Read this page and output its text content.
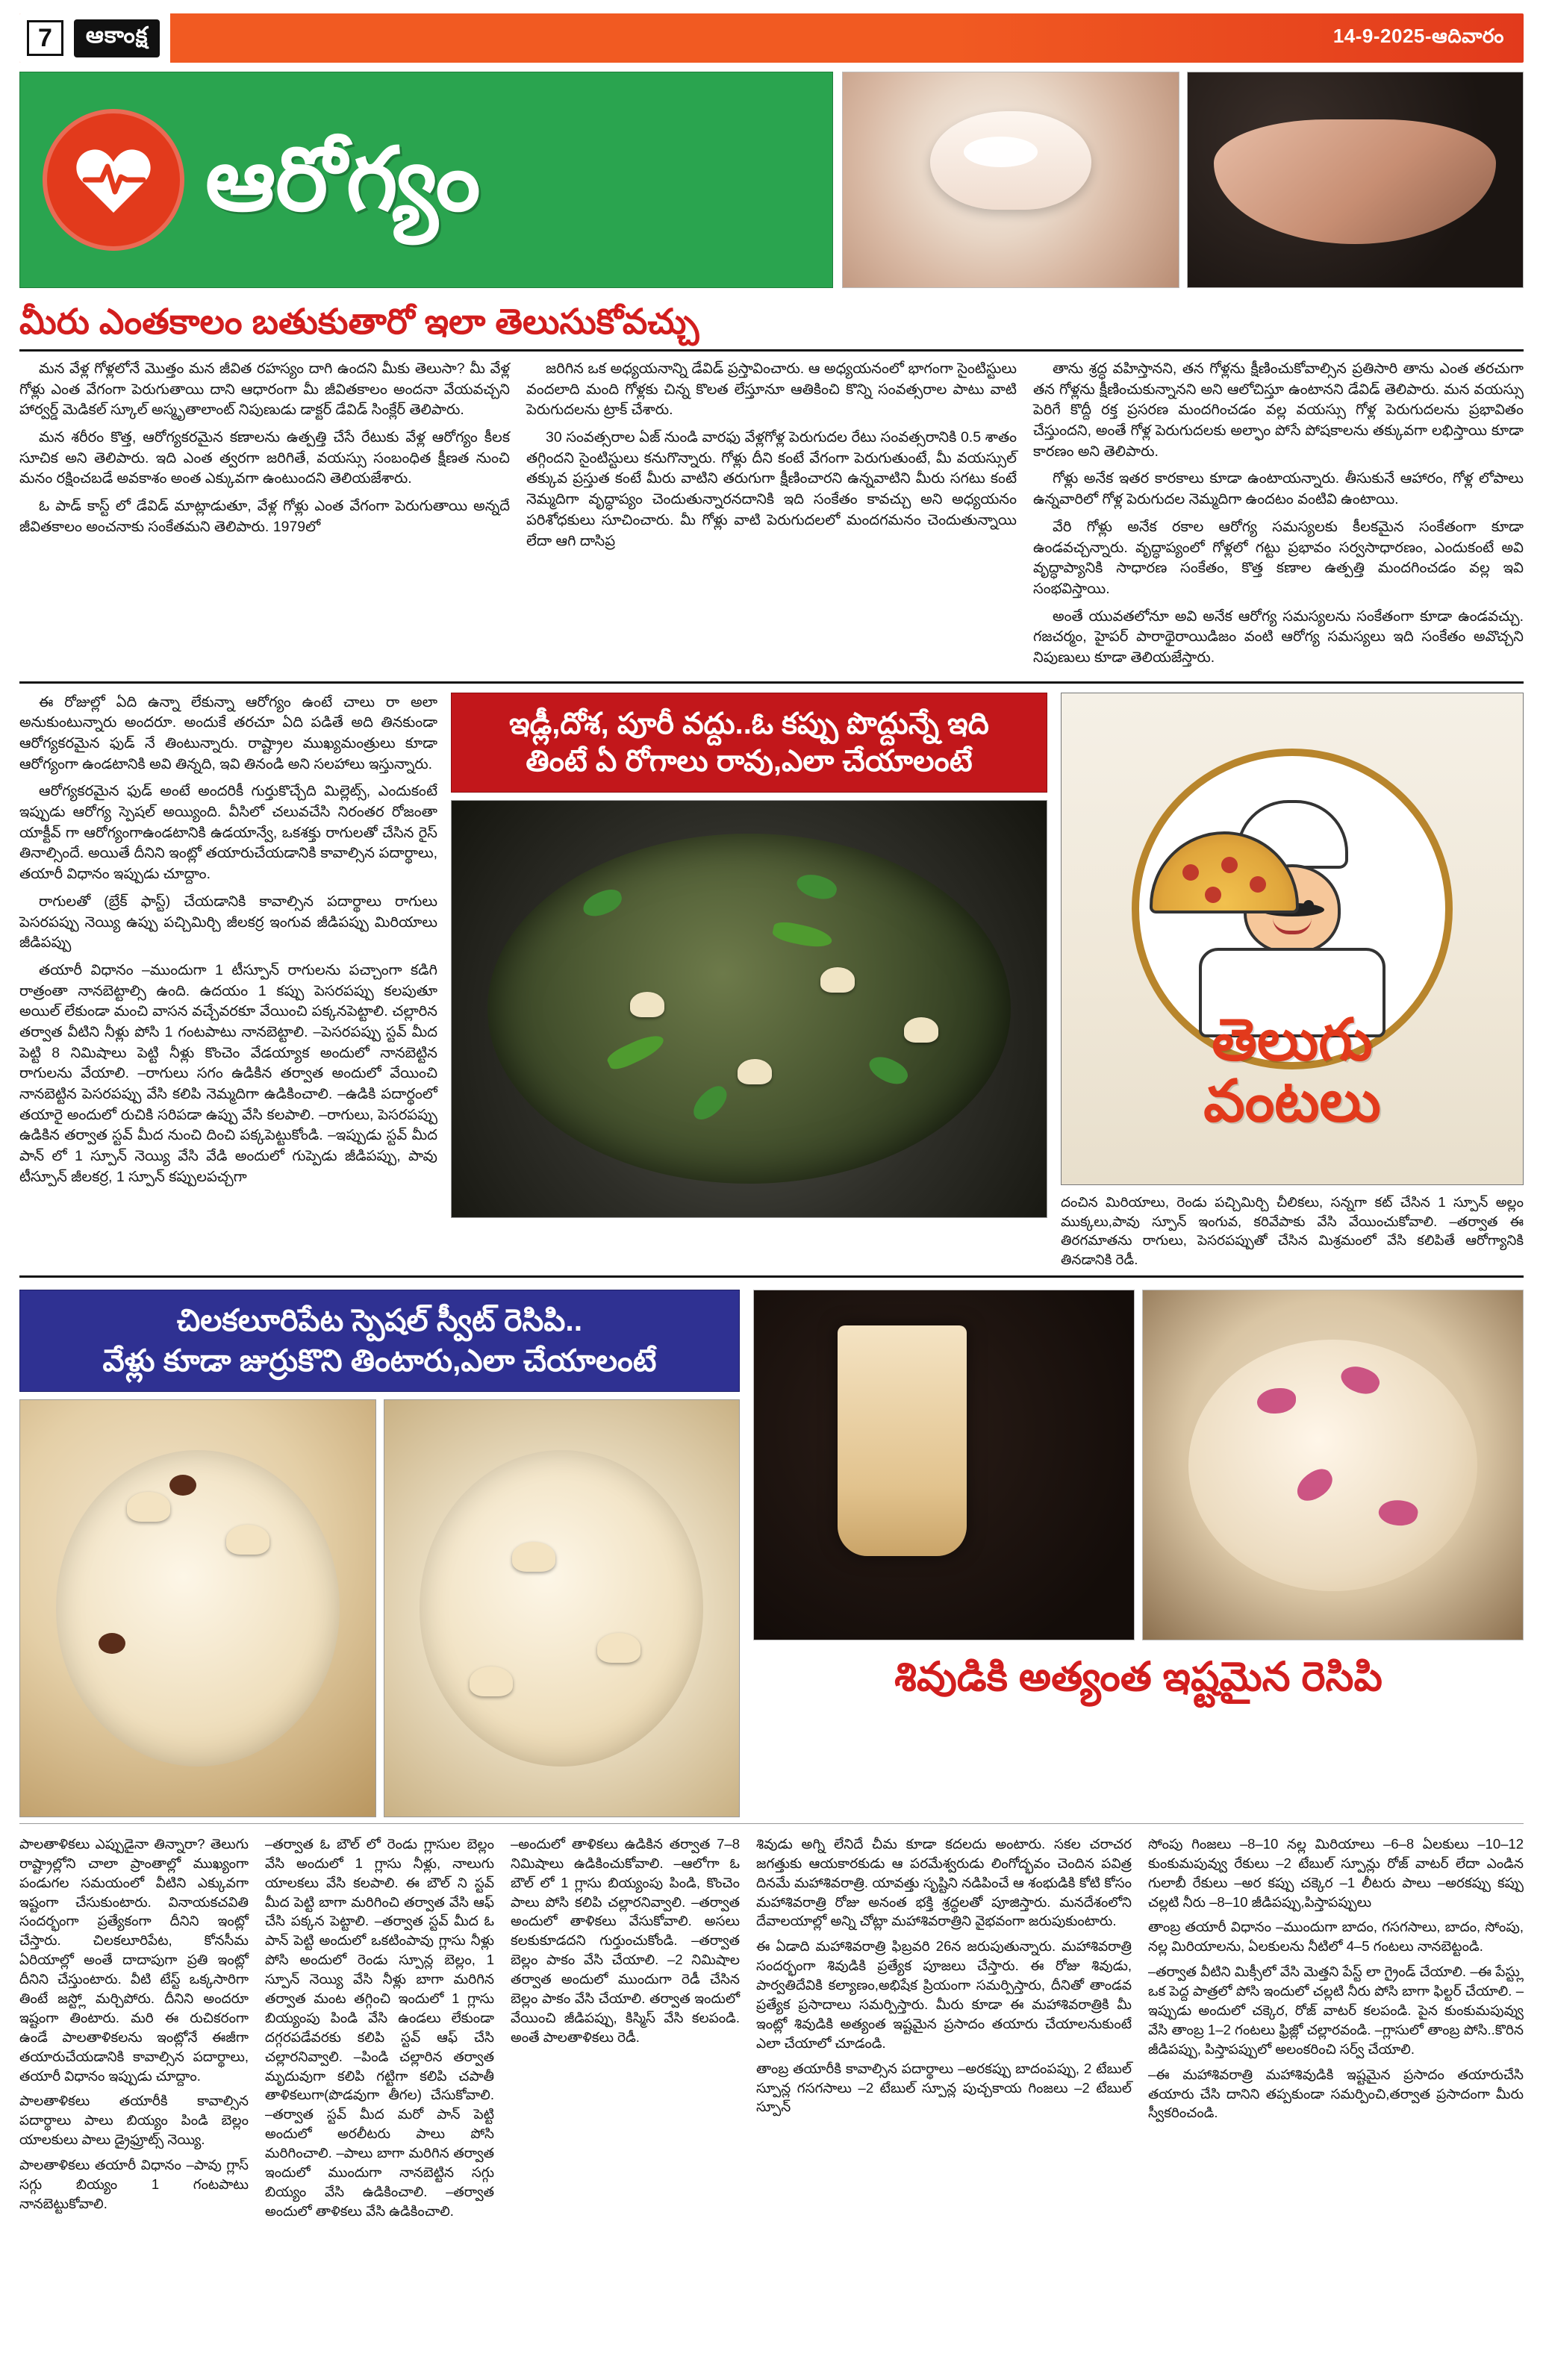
7	ఆకాంక్ష	14-9-2025-ఆదివారం
ఆరోగ్యం
మీరు ఎంతకాలం బతుకుతారో ఇలా తెలుసుకోవచ్చు

మన వేళ్ల గోళ్లలోనే మొత్తం మన జీవిత రహస్యం దాగి ఉందని మీకు తెలుసా? మీ వేళ్ల గోళ్లు ఎంత వేగంగా పెరుగుతాయి దాని ఆధారంగా మీ జీవితకాలం అందనా వేయవచ్చని హార్వర్డ్ మెడికల్ స్కూల్ అస్మృతాలాంట్ నిపుణుడు డాక్టర్ డేవిడ్ సింక్లేర్ తెలిపారు.

మన శరీరం కొత్త, ఆరోగ్యకరమైన కణాలను ఉత్పత్తి చేసే రేటుకు వేళ్ల ఆరోగ్యం కీలక సూచిక అని తెలిపారు. ఇది ఎంత త్వరగా జరిగితే, వయస్సు సంబంధిత క్షీణత నుంచి మనం రక్షించబడే అవకాశం అంత ఎక్కువగా ఉంటుందని తెలియజేశారు.

ఓ పాడ్ కాస్ట్ లో డేవిడ్ మాట్లాడుతూ, వేళ్ల గోళ్లు ఎంత వేగంగా పెరుగుతాయి అన్నదే జీవితకాలం అంచనాకు సంకేతమని తెలిపారు. 1979లో

జరిగిన ఒక అధ్యయనాన్ని డేవిడ్ ప్రస్తావించారు. ఆ అధ్యయనంలో భాగంగా సైంటిస్టులు వందలాది మంది గోళ్లకు చిన్న కొలత లేస్తూనూ ఆతికించి కొన్ని సంవత్సరాల పాటు వాటి పెరుగుదలను ట్రాక్ చేశారు.

30 సంవత్సరాల ఏజ్ నుండి వారఫు వేళ్లగోళ్ల పెరుగుదల రేటు సంవత్సరానికి 0.5 శాతం తగ్గిందని సైంటిస్టులు కనుగొన్నారు. గోళ్లు దీని కంటే వేగంగా పెరుగుతుంటే, మీ వయస్సుల్ తక్కువ ప్రస్తుత కంటే మీరు వాటిని తరుగుగా క్షీణించారని ఉన్నవాటిని మీరు సగటు కంటే నెమ్మదిగా వృద్ధాప్యం చెందుతున్నారనదానికి ఇది సంకేతం కావచ్చు అని అధ్యయనం పరిశోధకులు సూచించారు. మీ గోళ్లు వాటి పెరుగుదలలో మందగమనం చెందుతున్నాయి లేదా ఆగి దాసిప్ర

తాను శ్రద్ధ వహిస్తానని, తన గోళ్లను క్షీణించుకోవాల్సిన ప్రతిసారి తాను ఎంత తరచుగా తన గోళ్లను క్షీణించుకున్నానని అని ఆలోచిస్తూ ఉంటానని డేవిడ్ తెలిపారు. మన వయస్సు పెరిగే కొద్దీ రక్త ప్రసరణ మందగించడం వల్ల వయస్సు గోళ్ల పెరుగుదలను ప్రభావితం చేస్తుందని, అంతే గోళ్ల పెరుగుదలకు అల్ఫాం పోసే పోషకాలను తక్కువగా లభిస్తాయి కూడా కారణం అని తెలిపారు.

గోళ్లు అనేక ఇతర కారకాలు కూడా ఉంటాయన్నారు. తీసుకునే ఆహారం, గోళ్ల లోపాలు ఉన్నవారిలో గోళ్ల పెరుగుదల నెమ్మదిగా ఉందటం వంటివి ఉంటాయి.

వేరి గోళ్లు అనేక రకాల ఆరోగ్య సమస్యలకు కీలకమైన సంకేతంగా కూడా ఉండవచ్చన్నారు. వృద్ధాప్యంలో గోళ్లలో గట్టు ప్రభావం సర్వసాధారణం, ఎందుకంటే అవి వృద్ధాప్యానికి సాధారణ సంకేతం, కొత్త కణాల ఉత్పత్తి మందగించడం వల్ల ఇవి సంభవిస్తాయి.

అంతే యువతలోనూ అవి అనేక ఆరోగ్య సమస్యలను సంకేతంగా కూడా ఉండవచ్చు. గజచర్మం, హైపర్ పారాథైరాయిడిజం వంటి ఆరోగ్య సమస్యలు ఇది సంకేతం అవొచ్చని నిపుణులు కూడా తెలియజేస్తారు.

ఈ రోజుల్లో ఏది ఉన్నా లేకున్నా ఆరోగ్యం ఉంటే చాలు రా అలా అనుకుంటున్నారు అందరూ. అందుకే తరచూ ఏది పడితే అది తినకుండా ఆరోగ్యకరమైన ఫుడ్ నే తింటున్నారు. రాష్ట్రాల ముఖ్యమంత్రులు కూడా ఆరోగ్యంగా ఉండటానికి అవి తిన్నది, ఇవి తినండి అని సలహాలు ఇస్తున్నారు.

ఆరోగ్యకరమైన ఫుడ్ అంటే అందరికీ గుర్తుకొచ్చేది మిల్లెట్స్, ఎందుకంటే ఇప్పుడు ఆరోగ్య స్పెషల్ అయ్యింది. వీసిలో చలువచేసి నిరంతర రోజంతా యాక్టీవ్ గా ఆరోగ్యంగాఉండటానికి ఉడయాన్వే, ఒకశక్తు రాగులతో చేసిన రైస్ తినాల్సిందే. అయితే దీనిని ఇంట్లో తయారుచేయడానికి కావాల్సిన పదార్థాలు, తయారీ విధానం ఇప్పుడు చూద్దాం.

రాగులతో (బ్రేక్ ఫాస్ట్) చేయడానికి కావాల్సిన పదార్థాలు రాగులు పెసరపప్పు నెయ్యి ఉప్పు పచ్చిమిర్చి జీలకర్ర ఇంగువ జీడిపప్పు మిరియాలు జీడిపప్పు

తయారీ విధానం –ముందుగా 1 టీస్పూన్ రాగులను పచ్చాంగా కడిగి రాత్రంతా నానబెట్టాల్సి ఉంది. ఉదయం 1 కప్పు పెసరపప్పు కలపుతూ అయిల్ లేకుండా మంచి వాసన వచ్చేవరకూ వేయించి పక్కనపెట్టాలి. చల్లారిన తర్వాత వీటిని నీళ్లు పోసి 1 గంటపాటు నానబెట్టాలి. –పెసరపప్పు స్టవ్ మీద పెట్టి 8 నిమిషాలు పెట్టి నీళ్లు కొంచెం వేడయ్యాక అందులో నానబెట్టిన రాగులను వేయాలి. –రాగులు సగం ఉడికిన తర్వాత అందులో వేయించి నానబెట్టిన పెసరపప్పు వేసి కలిపి నెమ్మదిగా ఉడికించాలి. –ఉడికి పదార్థంలో తయారై అందులో రుచికి సరిపడా ఉప్పు వేసి కలపాలి. –రాగులు, పెసరపప్పు ఉడికిన తర్వాత స్టవ్ మీద నుంచి దించి పక్కపెట్టుకోండి. –ఇప్పుడు స్టవ్ మీద పాన్ లో 1 స్పూన్ నెయ్యి వేసి వేడి అందులో గుప్పెడు జీడిపప్పు, పావు టీస్పూన్ జీలకర్ర, 1 స్పూన్ కప్పులపచ్చగా

ఇడ్లీ,దోశ, పూరీ వద్దు..ఓ కప్పు పొద్దున్నే ఇది
తింటే ఏ రోగాలు రావు,ఎలా చేయాలంటే
తెలుగు
వంటలు
దంచిన మిరియాలు, రెండు పచ్చిమిర్చి చీలికలు, సన్నగా కట్ చేసిన 1 స్పూన్ అల్లం ముక్కలు,పావు స్పూన్ ఇంగువ, కరివేపాకు వేసి వేయించుకోవాలి. –తర్వాత ఈ తిరగమాతను రాగులు, పెసరపప్పుతో చేసిన మిశ్రమంలో వేసి కలిపితే ఆరోగ్యానికి తినడానికి రెడీ.
చిలకలూరిపేట స్పెషల్ స్వీట్ రెసిపి..
వేళ్లు కూడా జుర్రుకొని తింటారు,ఎలా చేయాలంటే
శివుడికి అత్యంత ఇష్టమైన రెసిపి

పాలతాళికలు ఎప్పుడైనా తిన్నారా? తెలుగు రాష్ట్రాల్లోని చాలా ప్రాంతాల్లో ముఖ్యంగా పండుగల సమయంలో వీటిని ఎక్కువగా ఇష్టంగా చేసుకుంటారు. వినాయకచవితి సందర్భంగా ప్రత్యేకంగా దీనిని ఇంట్లో చేస్తారు. చిలకలూరిపేట, కోనసీమ ఏరియాల్లో అంతే దాదాపుగా ప్రతి ఇంట్లో దీనిని చేస్తుంటారు. వీటి టేస్ట్ ఒక్కసారిగా తింటే జస్ట్లో మర్చిపోరు. దీనిని అందరూ ఇష్టంగా తింటారు. మరి ఈ రుచికరంగా ఉండే పాలతాళికలను ఇంట్లోనే ఈజీగా తయారుచేయడానికి కావాల్సిన పదార్థాలు, తయారీ విధానం ఇప్పుడు చూద్దాం.

పాలతాళికలు తయారీకి కావాల్సిన పదార్థాలు పాలు బియ్యం పిండి బెల్లం యాలకులు పాలు డ్రైఫ్రూట్స్ నెయ్యి.

పాలతాళికలు తయారీ విధానం –పావు గ్లాస్ సగ్గు బియ్యం 1 గంటపాటు నానబెట్టుకోవాలి.

–తర్వాత ఓ బౌల్ లో రెండు గ్లాసుల బెల్లం వేసి అందులో 1 గ్లాసు నీళ్లు, నాలుగు యాలకలు వేసి కలపాలి. ఈ బౌల్ ని స్టవ్ మీద పెట్టి బాగా మరిగించి తర్వాత వేసి ఆఫ్ చేసి పక్కన పెట్టాలి. –తర్వాత స్టవ్ మీద ఓ పాన్ పెట్టి అందులో ఒకటింపావు గ్లాసు నీళ్లు పోసి అందులో రెండు స్పూన్ల బెల్లం, 1 స్పూన్ నెయ్యి వేసి నీళ్లు బాగా మరిగిన తర్వాత మంట తగ్గించి ఇందులో 1 గ్లాసు బియ్యంపు పిండి వేసి ఉండలు లేకుండా దగ్గరపడేవరకు కలిపి స్టవ్ ఆఫ్ చేసి చల్లారనివ్వాలి. –పిండి చల్లారిన తర్వాత మృదువుగా కలిపి గట్టిగా కలిపి చపాతీ తాళికలుగా(పొడవుగా తీగల) చేసుకోవాలి. –తర్వాత స్టవ్ మీద మరో పాన్ పెట్టి అందులో అరలీటరు పాలు పోసి మరిగించాలి. –పాలు బాగా మరిగిన తర్వాత ఇందులో ముందుగా నానబెట్టిన సగ్గు బియ్యం వేసి ఉడికించాలి. –తర్వాత అందులో తాళికలు వేసి ఉడికించాలి.

–అందులో తాళికలు ఉడికిన తర్వాత 7–8 నిమిషాలు ఉడికించుకోవాలి. –ఆలోగా ఓ బౌల్ లో 1 గ్లాసు బియ్యంపు పిండి, కొంచెం పాలు పోసి కలిపి చల్లారనివ్వాలి. –తర్వాత అందులో తాళికలు వేసుకోవాలి. అసలు కలకుకూడదని గుర్తుంచుకోండి. –తర్వాత బెల్లం పాకం వేసి చేయాలి. –2 నిమిషాల తర్వాత అందులో ముందుగా రెడీ చేసిన బెల్లం పాకం వేసి చేయాలి. తర్వాత ఇందులో వేయించి జీడిపప్పు, కిస్మిస్ వేసి కలపండి. అంతే పాలతాళికలు రెడీ.

శివుడు అగ్ని లేనిదే చీమ కూడా కదలదు అంటారు. సకల చరాచర జగత్తుకు ఆయకారకుడు ఆ పరమేశ్వరుడు లింగోద్భవం చెందిన పవిత్ర దినమే మహాశివరాత్రి. యావత్తు సృష్టిని నడిపించే ఆ శంభుడికి కోటి కోసం మహాశివరాత్రి రోజు అనంత భక్తి శ్రద్ధలతో పూజిస్తారు. మనదేశంలోని దేవాలయాల్లో అన్ని చోట్లా మహాశివరాత్రిని వైభవంగా జరుపుకుంటారు.

ఈ ఏడాది మహాశివరాత్రి ఫిబ్రవరి 26న జరుపుతున్నారు. మహాశివరాత్రి సందర్భంగా శివుడికి ప్రత్యేక పూజలు చేస్తారు. ఈ రోజు శివుడు, పార్వతిదేవికి కల్యాణం,అభిషేక ప్రియంగా సమర్పిస్తారు, దీనితో తాండవ ప్రత్యేక ప్రసాదాలు సమర్పిస్తారు. మీరు కూడా ఈ మహాశివరాత్రికి మీ ఇంట్లో శివుడికి అత్యంత ఇష్టమైన ప్రసాదం తయారు చేయాలనుకుంటే ఎలా చేయాలో చూడండి.

తాంబ్ర తయారీకి కావాల్సిన పదార్థాలు –అరకప్పు బాదంపప్పు, 2 టేబుల్ స్పూన్ల గసగసాలు –2 టేబుల్ స్పూన్ల పుచ్చకాయ గింజలు –2 టేబుల్ స్పూన్

సోంపు గింజలు –8–10 నల్ల మిరియాలు –6–8 ఏలకులు –10–12 కుంకుమపువ్వు రేకులు –2 టేబుల్ స్పూన్లు రోజ్ వాటర్ లేదా ఎండిన గులాబీ రేకులు –అర కప్పు చక్కెర –1 లీటరు పాలు –అరకప్పు కప్పు చల్లటి నీరు –8–10 జీడిపప్పు,పిస్తాపప్పులు

తాంబ్ర తయారీ విధానం –ముందుగా బాదం, గసగసాలు, బాదం, సోంపు, నల్ల మిరియాలను, ఏలకులను నీటిలో 4–5 గంటలు నానబెట్టండి.

–తర్వాత వీటిని మిక్సీలో వేసి మెత్తని పేస్ట్ లా గ్రైండ్ చేయాలి. –ఈ పేస్ట్లు ఒక పెద్ద పాత్రలో పోసి ఇందులో చల్లటి నీరు పోసి బాగా ఫిల్టర్ చేయాలి. –ఇప్పుడు అందులో చక్కెర, రోజ్ వాటర్ కలపండి. పైన కుంకుమపువ్వు వేసి తాంబ్ర 1–2 గంటలు ఫ్రిజ్లో చల్లారవండి. –గ్లాసులో తాంబ్ర పోసి..కొరిన జీడిపప్పు, పిస్తాపప్పులో అలంకరించి సర్వ్ చేయాలి.

–ఈ మహాశివరాత్రి మహాశివుడికి ఇష్టమైన ప్రసాదం తయారుచేసి తయారు చేసి దానిని తప్పకుండా సమర్పించి,తర్వాత ప్రసాదంగా మీరు స్వీకరించండి.
